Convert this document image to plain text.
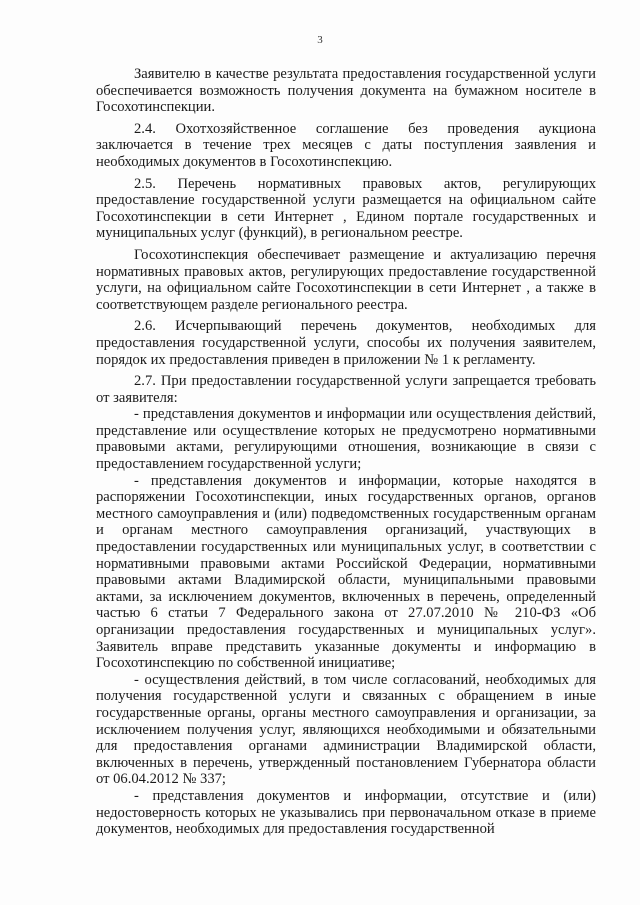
3

Заявителю в качестве результата предоставления государственной услуги обеспечивается возможность получения документа на бумажном носителе в Госохотинспекции.

2.4. Охотхозяйственное соглашение без проведения аукциона заключается в течение трех месяцев с даты поступления заявления и необходимых документов в Госохотинспекцию.

2.5. Перечень нормативных правовых актов, регулирующих предоставление государственной услуги размещается на официальном сайте Госохотинспекции в сети Интернет , Едином портале государственных и муниципальных услуг (функций), в региональном реестре.

Госохотинспекция обеспечивает размещение и актуализацию перечня нормативных правовых актов, регулирующих предоставление государственной услуги, на официальном сайте Госохотинспекции в сети Интернет , а также в соответствующем разделе регионального реестра.

2.6. Исчерпывающий перечень документов, необходимых для предоставления государственной услуги, способы их получения заявителем, порядок их предоставления приведен в приложении № 1 к регламенту.

2.7. При предоставлении государственной услуги запрещается требовать от заявителя:

- представления документов и информации или осуществления действий, представление или осуществление которых не предусмотрено нормативными правовыми актами, регулирующими отношения, возникающие в связи с предоставлением государственной услуги;

- представления документов и информации, которые находятся в распоряжении Госохотинспекции, иных государственных органов, органов местного самоуправления и (или) подведомственных государственным органам и органам местного самоуправления организаций, участвующих в предоставлении государственных или муниципальных услуг, в соответствии с нормативными правовыми актами Российской Федерации, нормативными правовыми актами Владимирской области, муниципальными правовыми актами, за исключением документов, включенных в перечень, определенный частью 6 статьи 7 Федерального закона от 27.07.2010 № 210-ФЗ «Об организации предоставления государственных и муниципальных услуг». Заявитель вправе представить указанные документы и информацию в Госохотинспекцию по собственной инициативе;

- осуществления действий, в том числе согласований, необходимых для получения государственной услуги и связанных с обращением в иные государственные органы, органы местного самоуправления и организации, за исключением получения услуг, являющихся необходимыми и обязательными для предоставления органами администрации Владимирской области, включенных в перечень, утвержденный постановлением Губернатора области от 06.04.2012 № 337;

- представления документов и информации, отсутствие и (или) недостоверность которых не указывались при первоначальном отказе в приеме документов, необходимых для предоставления государственной
